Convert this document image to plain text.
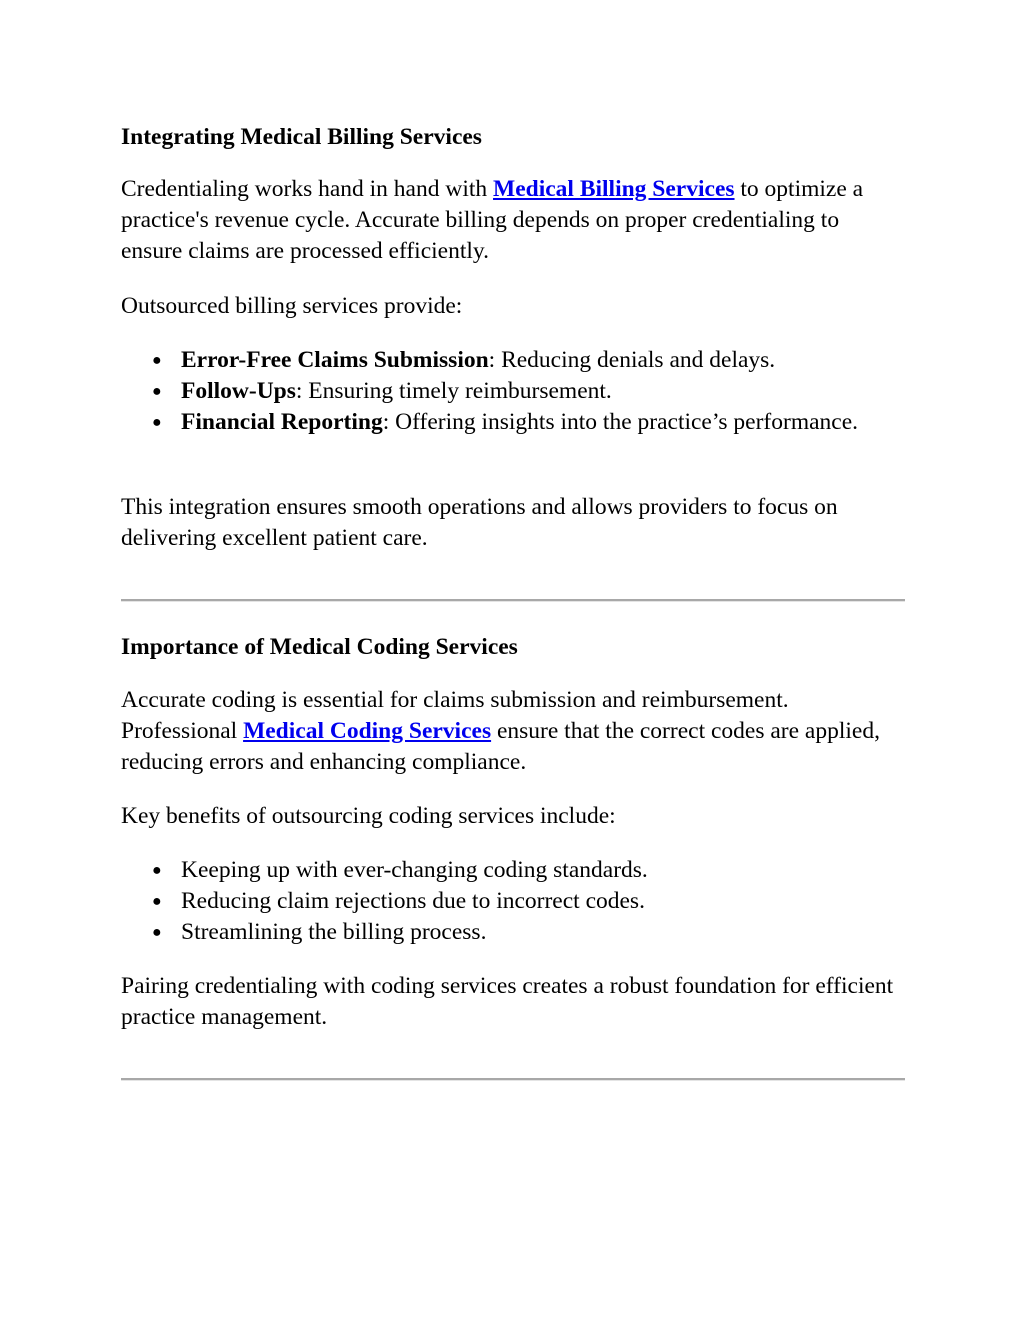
Integrating Medical Billing Services

Credentialing works hand in hand with Medical Billing Services to optimize a practice's revenue cycle. Accurate billing depends on proper credentialing to ensure claims are processed efficiently.

Outsourced billing services provide:

● Error-Free Claims Submission: Reducing denials and delays.
● Follow-Ups: Ensuring timely reimbursement.
● Financial Reporting: Offering insights into the practice’s performance.

This integration ensures smooth operations and allows providers to focus on delivering excellent patient care.

Importance of Medical Coding Services

Accurate coding is essential for claims submission and reimbursement. Professional Medical Coding Services ensure that the correct codes are applied, reducing errors and enhancing compliance.

Key benefits of outsourcing coding services include:

● Keeping up with ever-changing coding standards.
● Reducing claim rejections due to incorrect codes.
● Streamlining the billing process.

Pairing credentialing with coding services creates a robust foundation for efficient practice management.
